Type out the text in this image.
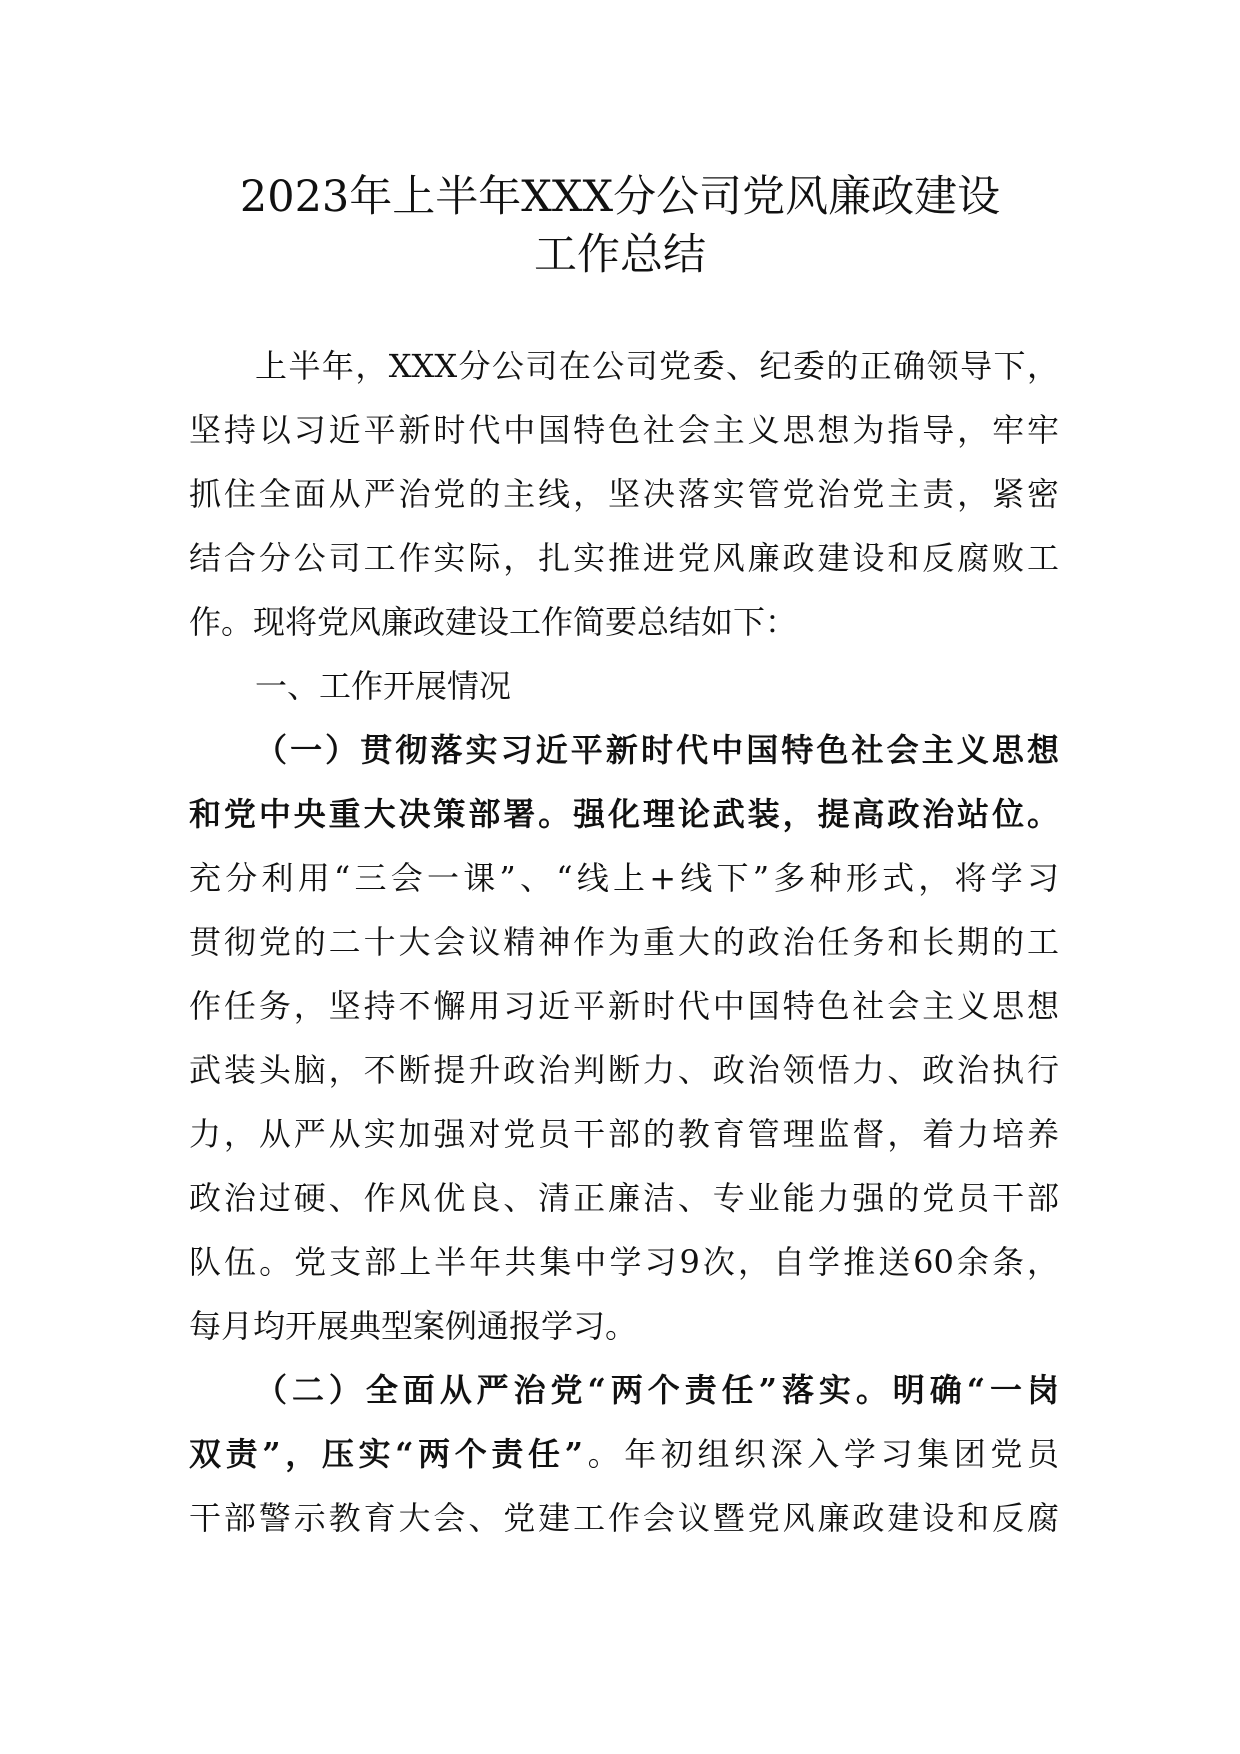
2023年上半年XXX分公司党风廉政建设
工作总结
上半年，XXX分公司在公司党委、纪委的正确领导下，
坚持以习近平新时代中国特色社会主义思想为指导，牢牢
抓住全面从严治党的主线，坚决落实管党治党主责，紧密
结合分公司工作实际，扎实推进党风廉政建设和反腐败工
作。现将党风廉政建设工作简要总结如下：
一、工作开展情况
（一）贯彻落实习近平新时代中国特色社会主义思想
和党中央重大决策部署。强化理论武装，提高政治站位。
充分利用“三会一课”、“线上+线下”多种形式，将学习
贯彻党的二十大会议精神作为重大的政治任务和长期的工
作任务，坚持不懈用习近平新时代中国特色社会主义思想
武装头脑，不断提升政治判断力、政治领悟力、政治执行
力，从严从实加强对党员干部的教育管理监督，着力培养
政治过硬、作风优良、清正廉洁、专业能力强的党员干部
队伍。党支部上半年共集中学习9次，自学推送60余条，
每月均开展典型案例通报学习。
（二）全面从严治党“两个责任”落实。明确“一岗
双责”，压实“两个责任”。年初组织深入学习集团党员
干部警示教育大会、党建工作会议暨党风廉政建设和反腐
